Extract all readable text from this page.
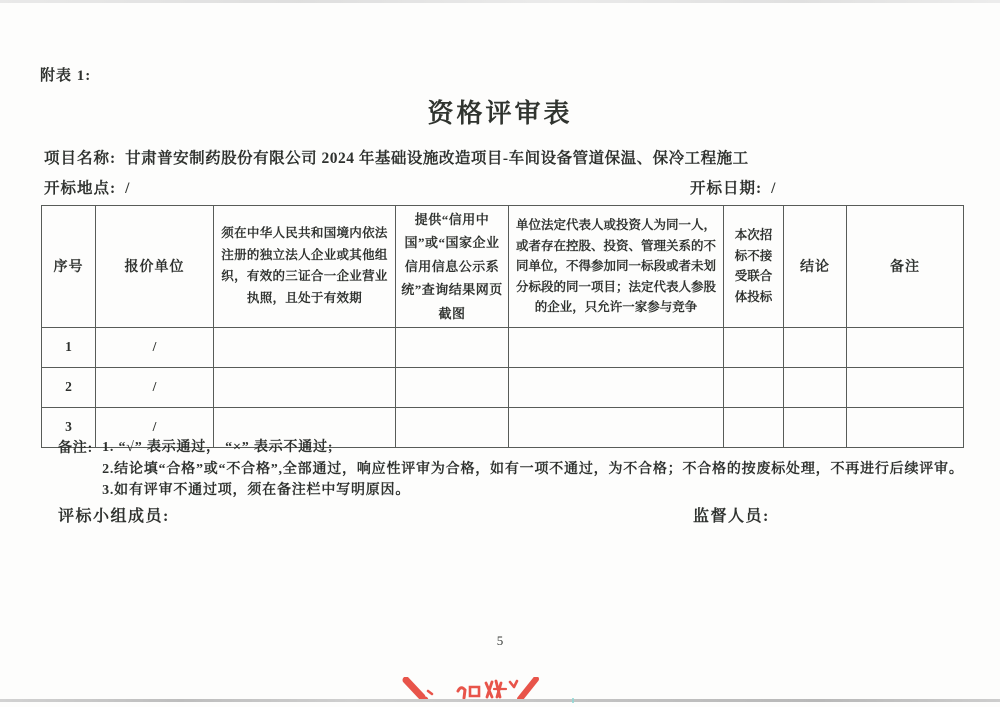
附表 1:
资格评审表
项目名称: 甘肃普安制药股份有限公司 2024 年基础设施改造项目-车间设备管道保温、保冷工程施工
开标地点: /	开标日期: /
序号	报价单位	须在中华人民共和国境内依法注册的独立法人企业或其他组织，有效的三证合一企业营业执照，且处于有效期	提供“信用中国”或“国家企业信用信息公示系统”查询结果网页截图	单位法定代表人或投资人为同一人，或者存在控股、投资、管理关系的不同单位，不得参加同一标段或者未划分标段的同一项目；法定代表人参股的企业，只允许一家参与竞争	本次招标不接受联合体投标	结论	备注
1	/						
2	/						
3	/						
备注: 1. “√” 表示通过， “×” 表示不通过;
2.结论填“合格”或“不合格”,全部通过，响应性评审为合格，如有一项不通过，为不合格；不合格的按废标处理，不再进行后续评审。
3.如有评审不通过项，须在备注栏中写明原因。
评标小组成员:	监督人员:
5
